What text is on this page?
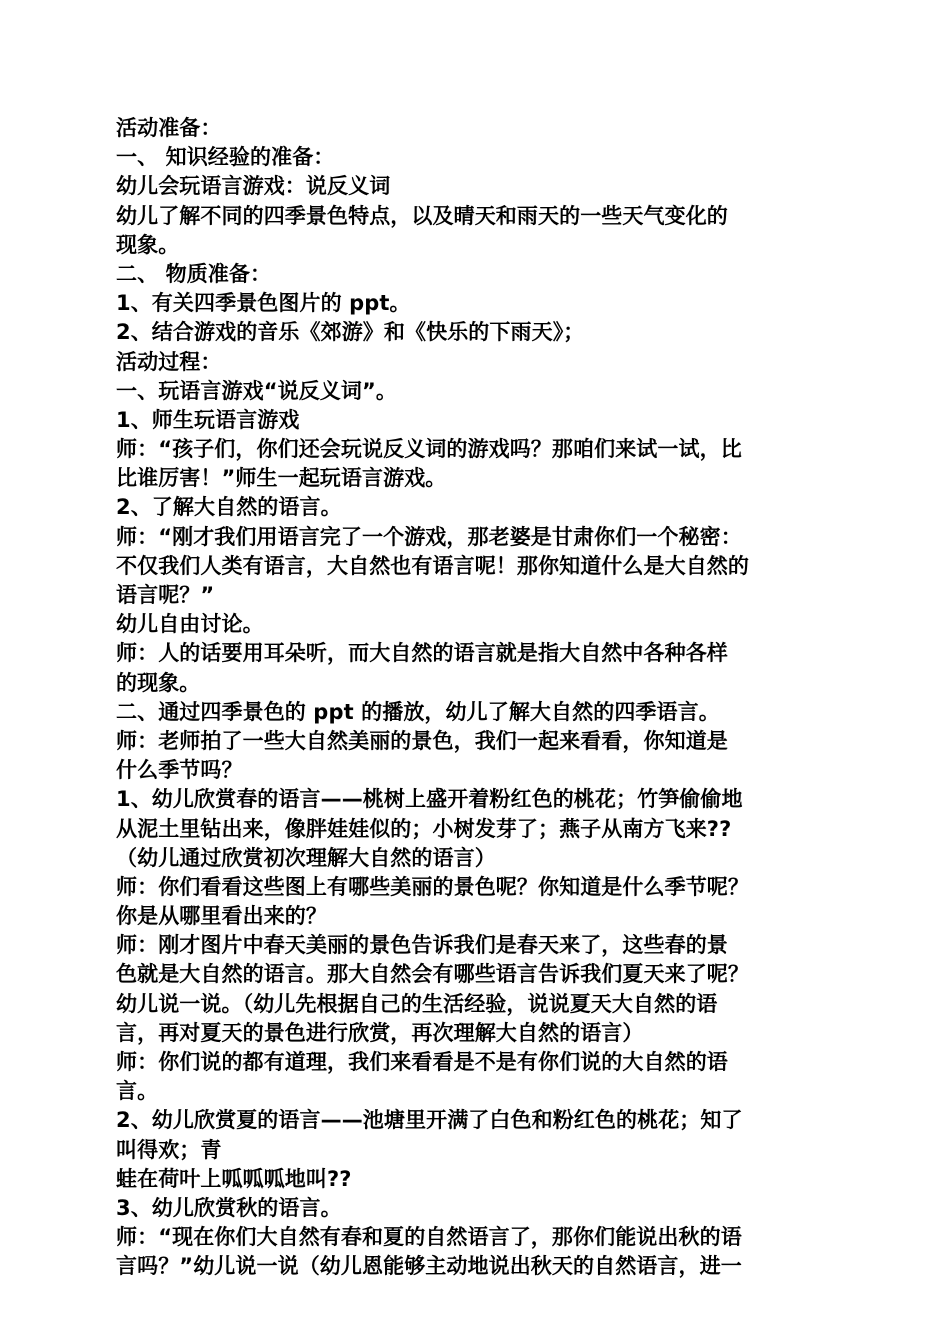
活动准备：
一、 知识经验的准备：
幼儿会玩语言游戏：说反义词
幼儿了解不同的四季景色特点，以及晴天和雨天的一些天气变化的
现象。
二、 物质准备：
1、有关四季景色图片的 ppt。
2、结合游戏的音乐《郊游》和《快乐的下雨天》；
活动过程：
一、玩语言游戏“说反义词”。
1、师生玩语言游戏
师：“孩子们，你们还会玩说反义词的游戏吗？那咱们来试一试，比
比谁厉害！”师生一起玩语言游戏。
2、了解大自然的语言。
师：“刚才我们用语言完了一个游戏，那老婆是甘肃你们一个秘密：
不仅我们人类有语言，大自然也有语言呢！那你知道什么是大自然的
语言呢？”
幼儿自由讨论。
师：人的话要用耳朵听，而大自然的语言就是指大自然中各种各样
的现象。
二、通过四季景色的 ppt 的播放，幼儿了解大自然的四季语言。
师：老师拍了一些大自然美丽的景色，我们一起来看看，你知道是
什么季节吗？
1、幼儿欣赏春的语言——桃树上盛开着粉红色的桃花；竹笋偷偷地
从泥土里钻出来，像胖娃娃似的；小树发芽了；燕子从南方飞来??
（幼儿通过欣赏初次理解大自然的语言）
师：你们看看这些图上有哪些美丽的景色呢？你知道是什么季节呢？
你是从哪里看出来的？
师：刚才图片中春天美丽的景色告诉我们是春天来了，这些春的景
色就是大自然的语言。那大自然会有哪些语言告诉我们夏天来了呢？
幼儿说一说。（幼儿先根据自己的生活经验，说说夏天大自然的语
言，再对夏天的景色进行欣赏，再次理解大自然的语言）
师：你们说的都有道理，我们来看看是不是有你们说的大自然的语
言。
2、幼儿欣赏夏的语言——池塘里开满了白色和粉红色的桃花；知了
叫得欢；青
蛙在荷叶上呱呱呱地叫??
3、幼儿欣赏秋的语言。
师：“现在你们大自然有春和夏的自然语言了，那你们能说出秋的语
言吗？”幼儿说一说（幼儿恩能够主动地说出秋天的自然语言，进一
